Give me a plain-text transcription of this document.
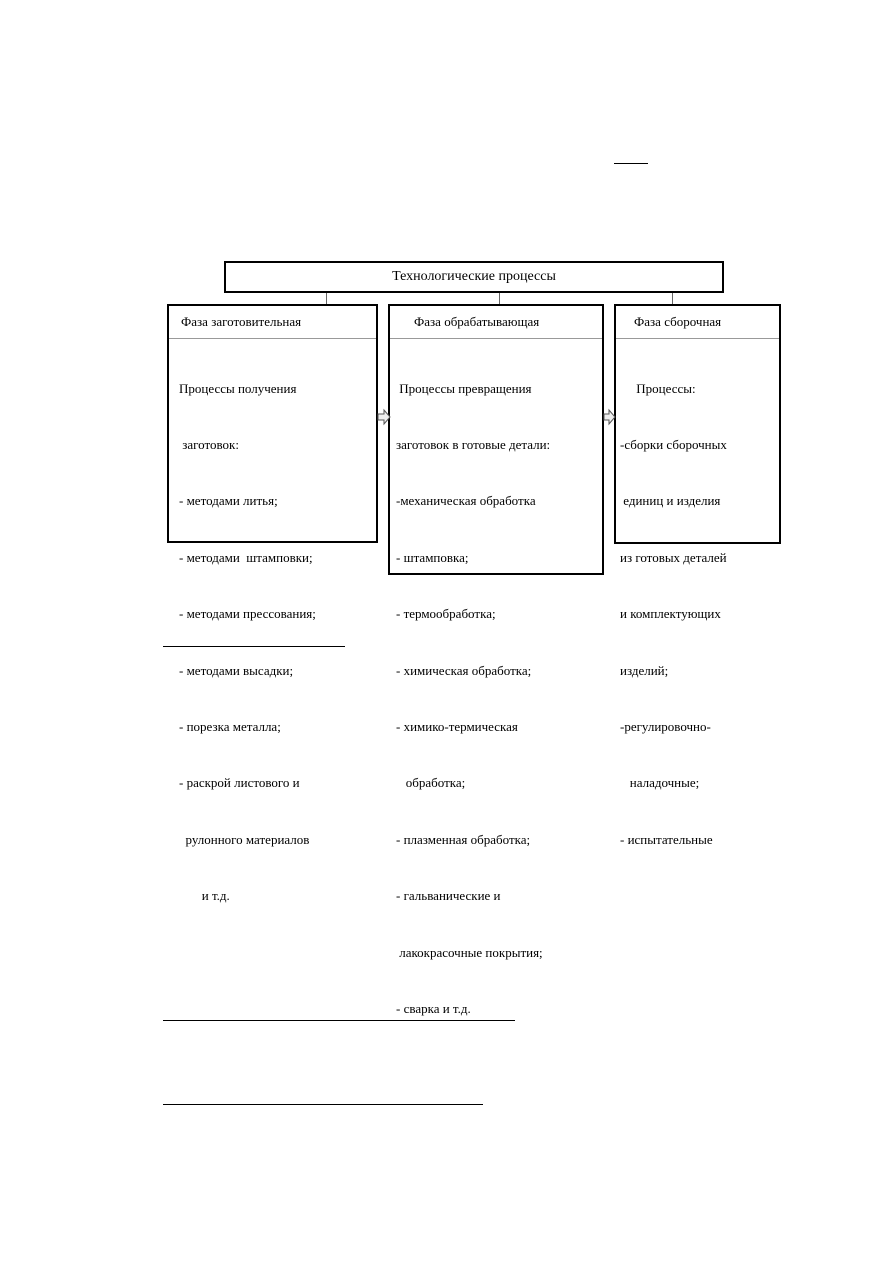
Технологические процессы
Фаза заготовительная

Процессы получения

заготовок:

- методами литья;

- методами  штамповки;

- методами прессования;

- методами высадки;

- порезка металла;

- раскрой листового и

рулонного материалов

и т.д.

Фаза обрабатывающая

Процессы превращения

заготовок в готовые детали:

-механическая обработка

- штамповка;

- термообработка;

- химическая обработка;

- химико-термическая

обработка;

- плазменная обработка;

- гальванические и

лакокрасочные покрытия;

- сварка и т.д.

Фаза сборочная

Процессы:

-сборки сборочных

единиц и изделия

из готовых деталей

и комплектующих

изделий;

-регулировочно-

наладочные;

- испытательные
